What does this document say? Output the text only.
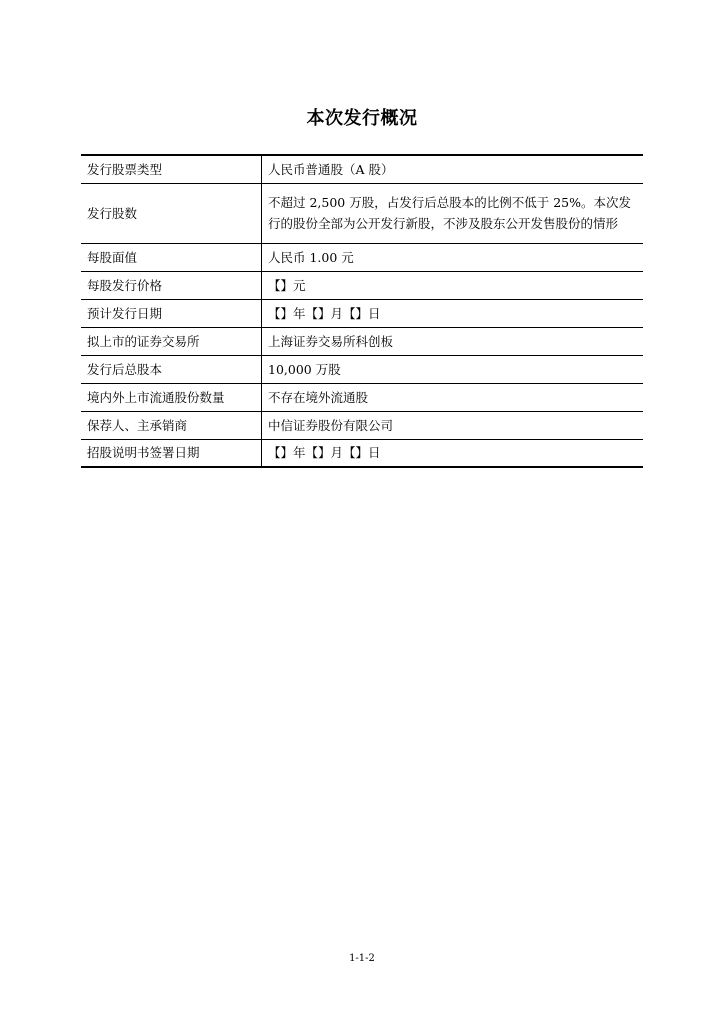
本次发行概况
发行股票类型	人民币普通股（A 股）
发行股数	不超过 2,500 万股，占发行后总股本的比例不低于 25%。本次发行的股份全部为公开发行新股，不涉及股东公开发售股份的情形
每股面值	人民币 1.00 元
每股发行价格	【】元
预计发行日期	【】年【】月【】日
拟上市的证券交易所	上海证券交易所科创板
发行后总股本	10,000 万股
境内外上市流通股份数量	不存在境外流通股
保荐人、主承销商	中信证券股份有限公司
招股说明书签署日期	【】年【】月【】日
1-1-2
